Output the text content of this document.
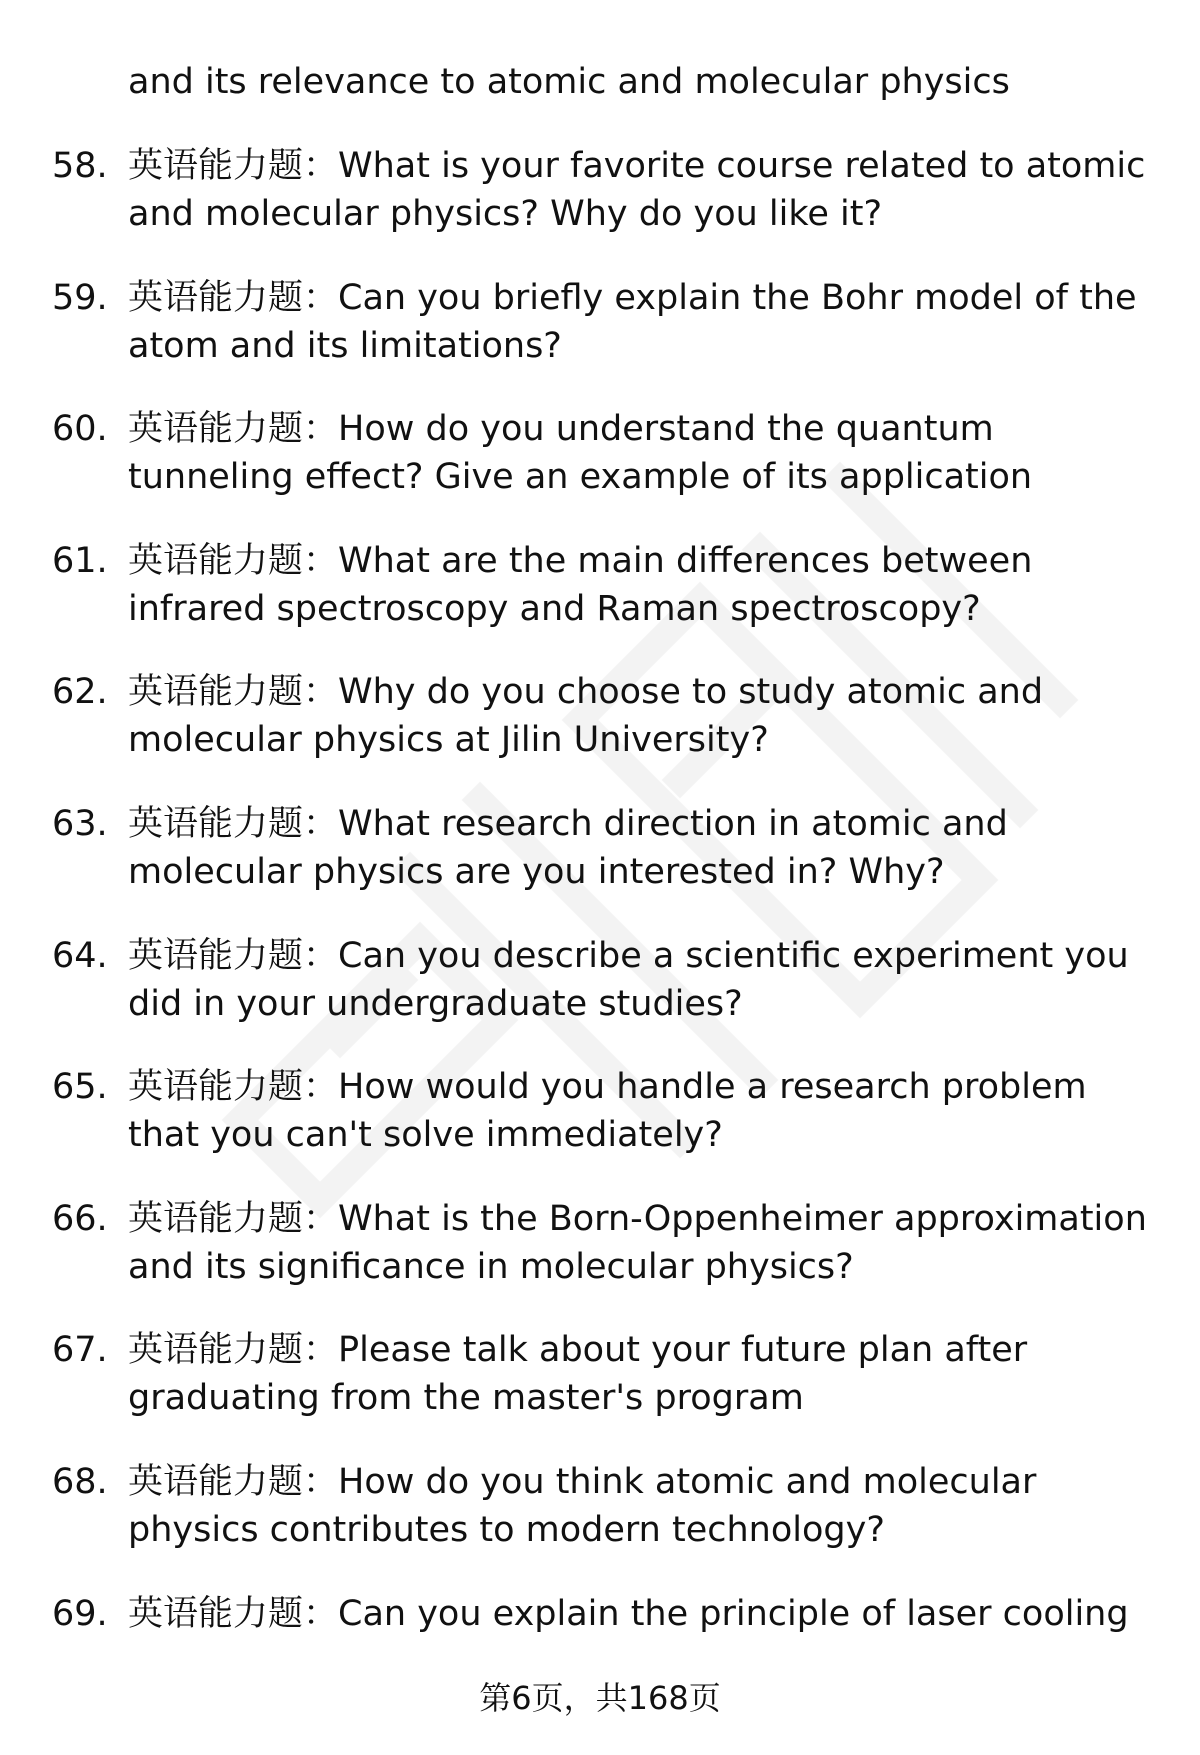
and its relevance to atomic and molecular physics
58. 英语能力题：What is your favorite course related to atomic
and molecular physics? Why do you like it?
59. 英语能力题：Can you briefly explain the Bohr model of the
atom and its limitations?
60. 英语能力题：How do you understand the quantum
tunneling effect? Give an example of its application
61. 英语能力题：What are the main differences between
infrared spectroscopy and Raman spectroscopy?
62. 英语能力题：Why do you choose to study atomic and
molecular physics at Jilin University?
63. 英语能力题：What research direction in atomic and
molecular physics are you interested in? Why?
64. 英语能力题：Can you describe a scientific experiment you
did in your undergraduate studies?
65. 英语能力题：How would you handle a research problem
that you can't solve immediately?
66. 英语能力题：What is the Born-Oppenheimer approximation
and its significance in molecular physics?
67. 英语能力题：Please talk about your future plan after
graduating from the master's program
68. 英语能力题：How do you think atomic and molecular
physics contributes to modern technology?
69. 英语能力题：Can you explain the principle of laser cooling
第6页，共168页
